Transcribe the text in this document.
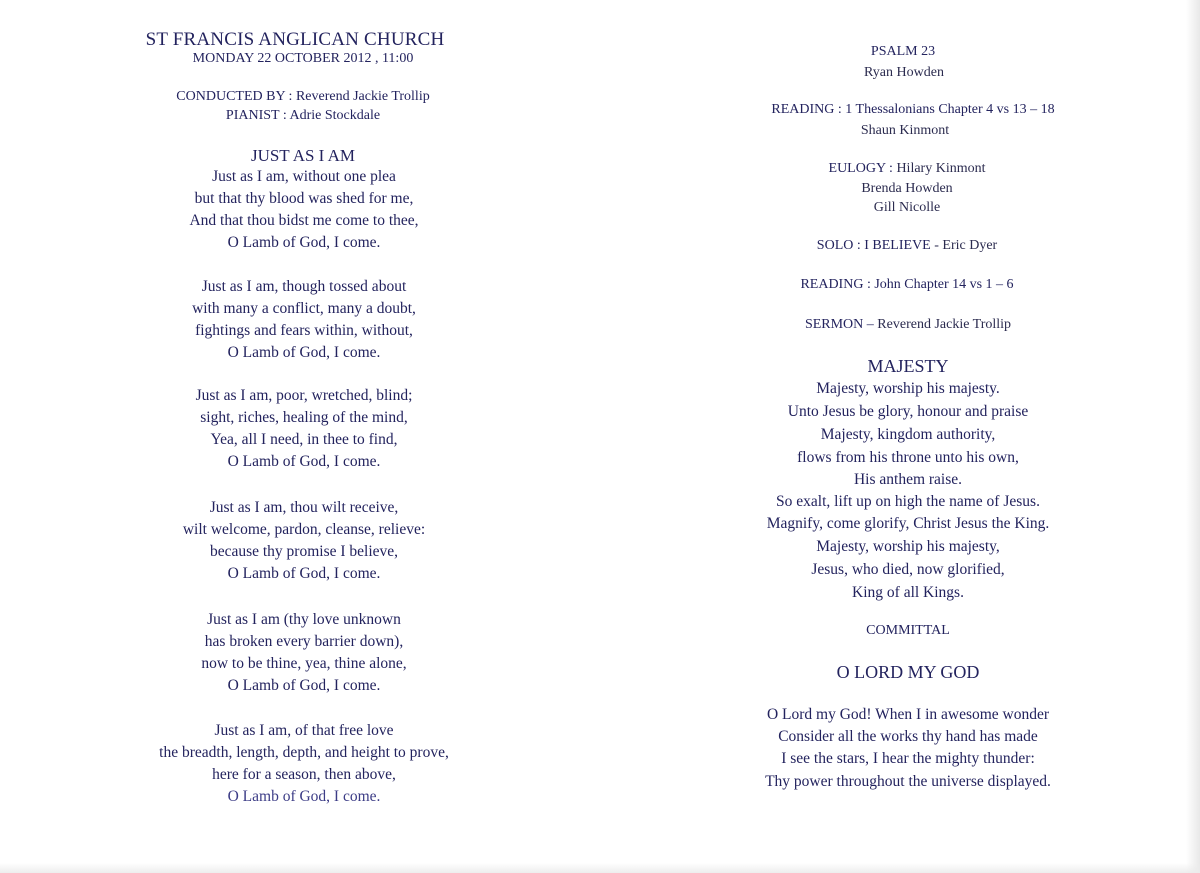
ST FRANCIS ANGLICAN CHURCH
MONDAY 22 OCTOBER 2012 , 11:00
CONDUCTED BY : Reverend Jackie Trollip
PIANIST : Adrie Stockdale
JUST AS I AM
Just as I am, without one plea
but that thy blood was shed for me,
And that thou bidst me come to thee,
O Lamb of God, I come.
Just as I am, though tossed about
with many a conflict, many a doubt,
fightings and fears within, without,
O Lamb of God, I come.
Just as I am, poor, wretched, blind;
sight, riches, healing of the mind,
Yea, all I need, in thee to find,
O Lamb of God, I come.
Just as I am, thou wilt receive,
wilt welcome, pardon, cleanse, relieve:
because thy promise I believe,
O Lamb of God, I come.
Just as I am (thy love unknown
has broken every barrier down),
now to be thine, yea, thine alone,
O Lamb of God, I come.
Just as I am, of that free love
the breadth, length, depth, and height to prove,
here for a season, then above,
O Lamb of God, I come.
PSALM 23
Ryan Howden
READING : 1 Thessalonians Chapter 4 vs 13 – 18
Shaun Kinmont
EULOGY : Hilary Kinmont
Brenda Howden
Gill Nicolle
SOLO : I BELIEVE - Eric Dyer
READING : John Chapter 14 vs 1 – 6
SERMON – Reverend Jackie Trollip
MAJESTY
Majesty, worship his majesty.
Unto Jesus be glory, honour and praise
Majesty, kingdom authority,
flows from his throne unto his own,
His anthem raise.
So exalt, lift up on high the name of Jesus.
Magnify, come glorify, Christ Jesus the King.
Majesty, worship his majesty,
Jesus, who died, now glorified,
King of all Kings.
COMMITTAL
O LORD MY GOD
O Lord my God! When I in awesome wonder
Consider all the works thy hand has made
I see the stars, I hear the mighty thunder:
Thy power throughout the universe displayed.
